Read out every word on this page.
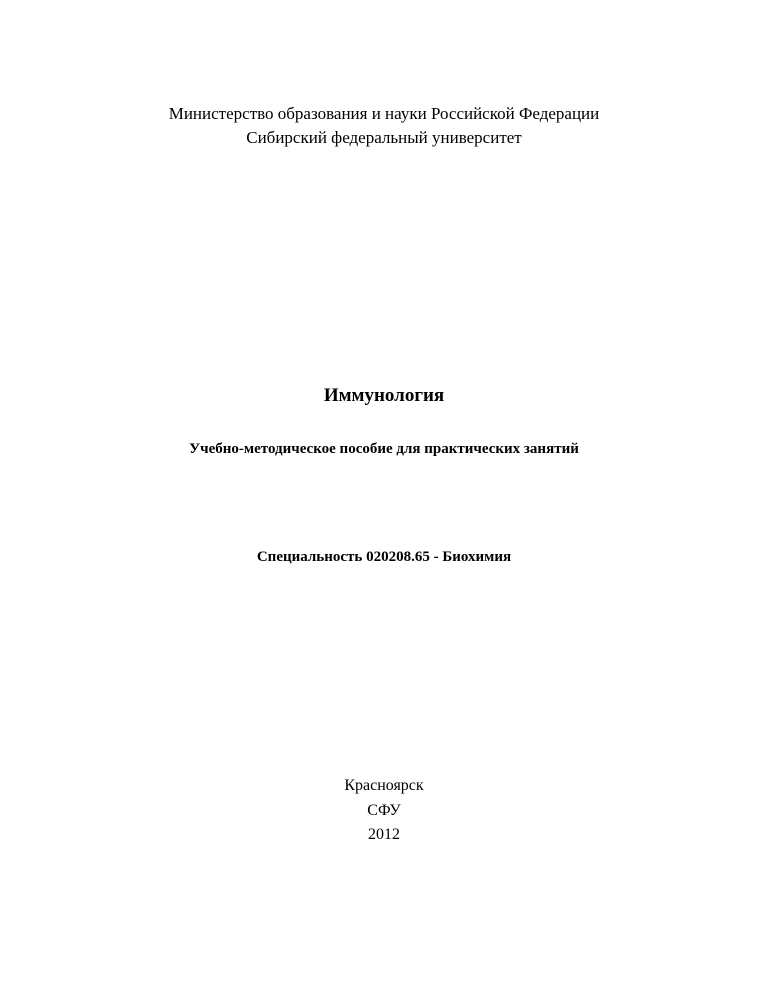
Министерство образования и науки Российской Федерации

Сибирский федеральный университет

Иммунология

Учебно-методическое пособие для практических занятий

Специальность 020208.65 - Биохимия

Красноярск

СФУ

2012
